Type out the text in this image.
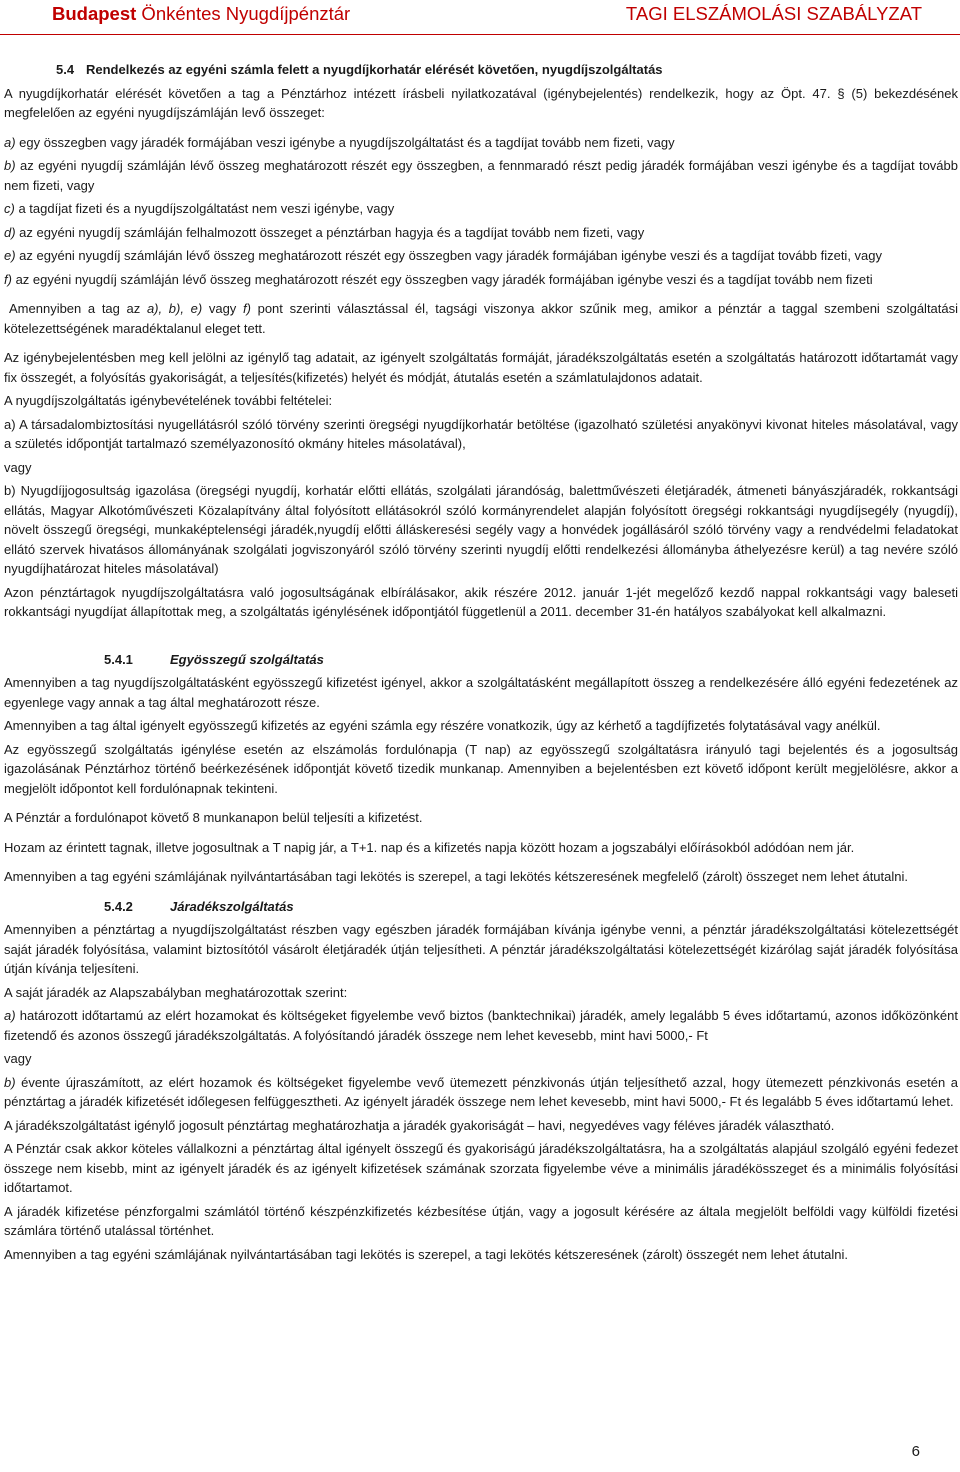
Budapest Önkéntes Nyugdíjpénztár	TAGI ELSZÁMOLÁSI SZABÁLYZAT

5.4 Rendelkezés az egyéni számla felett a nyugdíjkorhatár elérését követően, nyugdíjszolgáltatás

A nyugdíjkorhatár elérését követően a tag a Pénztárhoz intézett írásbeli nyilatkozatával (igénybejelentés) rendelkezik, hogy az Öpt. 47. § (5) bekezdésének megfelelően az egyéni nyugdíjszámláján levő összeget:

a) egy összegben vagy járadék formájában veszi igénybe a nyugdíjszolgáltatást és a tagdíjat tovább nem fizeti, vagy

b) az egyéni nyugdíj számláján lévő összeg meghatározott részét egy összegben, a fennmaradó részt pedig járadék formájában veszi igénybe és a tagdíjat tovább nem fizeti, vagy

c) a tagdíjat fizeti és a nyugdíjszolgáltatást nem veszi igénybe, vagy

d) az egyéni nyugdíj számláján felhalmozott összeget a pénztárban hagyja és a tagdíjat tovább nem fizeti, vagy

e) az egyéni nyugdíj számláján lévő összeg meghatározott részét egy összegben vagy járadék formájában igénybe veszi és a tagdíjat tovább fizeti, vagy

f) az egyéni nyugdíj számláján lévő összeg meghatározott részét egy összegben vagy járadék formájában igénybe veszi és a tagdíjat tovább nem fizeti

Amennyiben a tag az a), b), e) vagy f) pont szerinti választással él, tagsági viszonya akkor szűnik meg, amikor a pénztár a taggal szembeni szolgáltatási kötelezettségének maradéktalanul eleget tett.

Az igénybejelentésben meg kell jelölni az igénylő tag adatait, az igényelt szolgáltatás formáját, járadékszolgáltatás esetén a szolgáltatás határozott időtartamát vagy fix összegét, a folyósítás gyakoriságát, a teljesítés(kifizetés) helyét és módját, átutalás esetén a számlatulajdonos adatait.

A nyugdíjszolgáltatás igénybevételének további feltételei:

a) A társadalombiztosítási nyugellátásról szóló törvény szerinti öregségi nyugdíjkorhatár betöltése (igazolható születési anyakönyvi kivonat hiteles másolatával, vagy a születés időpontját tartalmazó személyazonosító okmány hiteles másolatával),

vagy

b) Nyugdíjjogosultság igazolása (öregségi nyugdíj, korhatár előtti ellátás, szolgálati járandóság, balettművészeti életjáradék, átmeneti bányászjáradék, rokkantsági ellátás, Magyar Alkotóművészeti Közalapítvány által folyósított ellátásokról szóló kormányrendelet alapján folyósított öregségi rokkantsági nyugdíjsegély (nyugdíj), növelt összegű öregségi, munkaképtelenségi járadék,nyugdíj előtti álláskeresési segély vagy a honvédek jogállásáról szóló törvény vagy a rendvédelmi feladatokat ellátó szervek hivatásos állományának szolgálati jogviszonyáról szóló törvény szerinti nyugdíj előtti rendelkezési állományba áthelyezésre kerül) a tag nevére szóló nyugdíjhatározat hiteles másolatával)

Azon pénztártagok nyugdíjszolgáltatásra való jogosultságának elbírálásakor, akik részére 2012. január 1-jét megelőző kezdő nappal rokkantsági vagy baleseti rokkantsági nyugdíjat állapítottak meg, a szolgáltatás igénylésének időpontjától függetlenül a 2011. december 31-én hatályos szabályokat kell alkalmazni.

5.4.1	Egyösszegű szolgáltatás

Amennyiben a tag nyugdíjszolgáltatásként egyösszegű kifizetést igényel, akkor a szolgáltatásként megállapított összeg a rendelkezésére álló egyéni fedezetének az egyenlege vagy annak a tag által meghatározott része.

Amennyiben a tag által igényelt egyösszegű kifizetés az egyéni számla egy részére vonatkozik, úgy az kérhető a tagdíjfizetés folytatásával vagy anélkül.

Az egyösszegű szolgáltatás igénylése esetén az elszámolás fordulónapja (T nap) az egyösszegű szolgáltatásra irányuló tagi bejelentés és a jogosultság igazolásának Pénztárhoz történő beérkezésének időpontját követő tizedik munkanap. Amennyiben a bejelentésben ezt követő időpont került megjelölésre, akkor a megjelölt időpontot kell fordulónapnak tekinteni.

A Pénztár a fordulónapot követő 8 munkanapon belül teljesíti a kifizetést.

Hozam az érintett tagnak, illetve jogosultnak a T napig jár, a T+1. nap és a kifizetés napja között hozam a jogszabályi előírásokból adódóan nem jár.

Amennyiben a tag egyéni számlájának nyilvántartásában tagi lekötés is szerepel, a tagi lekötés kétszeresének megfelelő (zárolt) összeget nem lehet átutalni.

5.4.2	Járadékszolgáltatás

Amennyiben a pénztártag a nyugdíjszolgáltatást részben vagy egészben járadék formájában kívánja igénybe venni, a pénztár járadékszolgáltatási kötelezettségét saját járadék folyósítása, valamint biztosítótól vásárolt életjáradék útján teljesítheti. A pénztár járadékszolgáltatási kötelezettségét kizárólag saját járadék folyósítása útján kívánja teljesíteni.

A saját járadék az Alapszabályban meghatározottak szerint:

a) határozott időtartamú az elért hozamokat és költségeket figyelembe vevő biztos (banktechnikai) járadék, amely legalább 5 éves időtartamú, azonos időközönként fizetendő és azonos összegű járadékszolgáltatás. A folyósítandó járadék összege nem lehet kevesebb, mint havi 5000,- Ft

vagy

b) évente újraszámított, az elért hozamok és költségeket figyelembe vevő ütemezett pénzkivonás útján teljesíthető azzal, hogy ütemezett pénzkivonás esetén a pénztártag a járadék kifizetését időlegesen felfüggesztheti. Az igényelt járadék összege nem lehet kevesebb, mint havi 5000,- Ft és legalább 5 éves időtartamú lehet.

A járadékszolgáltatást igénylő jogosult pénztártag meghatározhatja a járadék gyakoriságát – havi, negyedéves vagy féléves járadék választható.

A Pénztár csak akkor köteles vállalkozni a pénztártag által igényelt összegű és gyakoriságú járadékszolgáltatásra, ha a szolgáltatás alapjául szolgáló egyéni fedezet összege nem kisebb, mint az igényelt járadék és az igényelt kifizetések számának szorzata figyelembe véve a minimális járadékösszeget és a minimális folyósítási időtartamot.

A járadék kifizetése pénzforgalmi számlától történő készpénzkifizetés kézbesítése útján, vagy a jogosult kérésére az általa megjelölt belföldi vagy külföldi fizetési számlára történő utalással történhet.

Amennyiben a tag egyéni számlájának nyilvántartásában tagi lekötés is szerepel, a tagi lekötés kétszeresének (zárolt) összegét nem lehet átutalni.

6
